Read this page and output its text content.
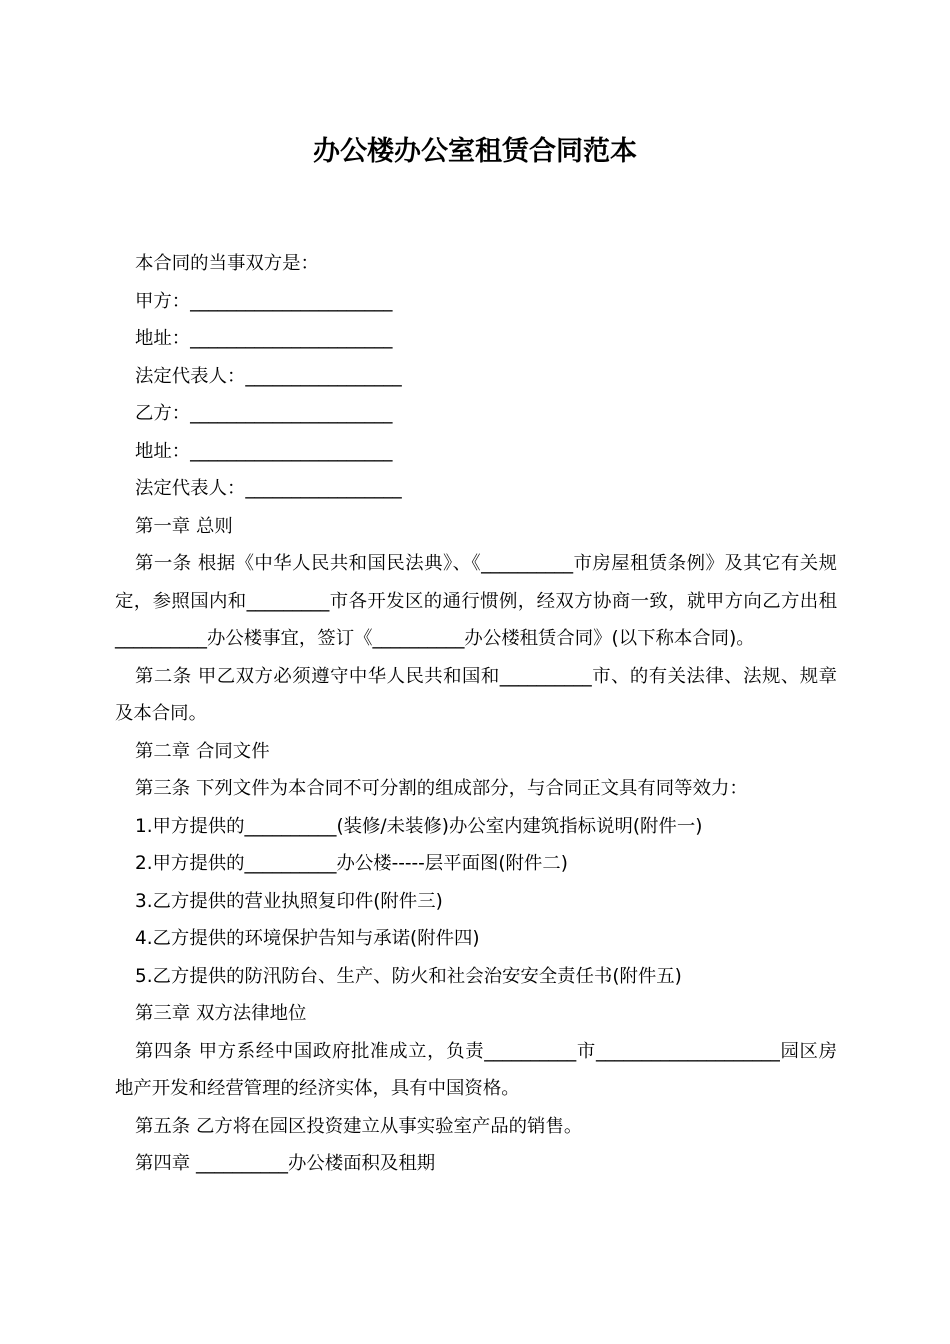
办公楼办公室租赁合同范本

本合同的当事双方是：

甲方：______________________

地址：______________________

法定代表人：_________________

乙方：______________________

地址：______________________

法定代表人：_________________

第一章 总则

第一条 根据《中华人民共和国民法典》、《__________市房屋租赁条例》及其它有关规定，参照国内和_________市各开发区的通行惯例，经双方协商一致，就甲方向乙方出租__________办公楼事宜，签订《__________办公楼租赁合同》(以下称本合同)。

第二条 甲乙双方必须遵守中华人民共和国和__________市、的有关法律、法规、规章及本合同。

第二章 合同文件

第三条 下列文件为本合同不可分割的组成部分，与合同正文具有同等效力：

1.甲方提供的__________(装修/未装修)办公室内建筑指标说明(附件一)

2.甲方提供的__________办公楼-----层平面图(附件二)

3.乙方提供的营业执照复印件(附件三)

4.乙方提供的环境保护告知与承诺(附件四)

5.乙方提供的防汛防台、生产、防火和社会治安安全责任书(附件五)

第三章 双方法律地位

第四条 甲方系经中国政府批准成立，负责__________市____________________园区房地产开发和经营管理的经济实体，具有中国资格。

第五条 乙方将在园区投资建立从事实验室产品的销售。

第四章 __________办公楼面积及租期
